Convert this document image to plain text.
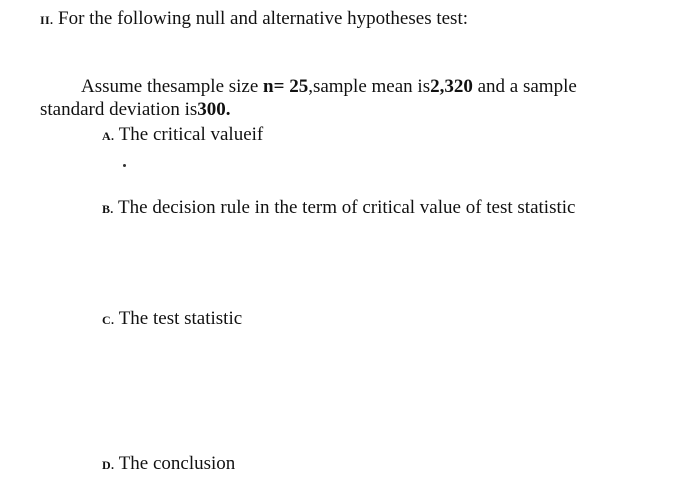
II. For the following null and alternative hypotheses test:
Assume thesample size n= 25,sample mean is2,320 and a sample
standard deviation is300.
A. The critical valueif
B. The decision rule in the term of critical value of test statistic
C. The test statistic
D. The conclusion
